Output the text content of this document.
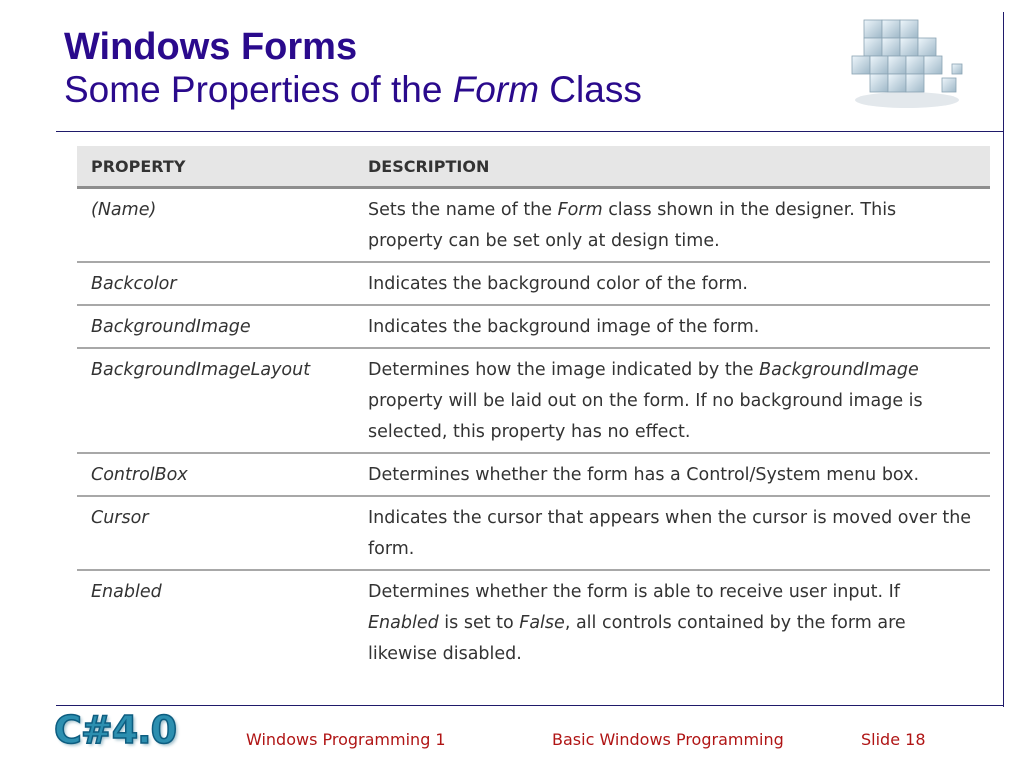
Windows Forms
Some Properties of the Form Class
PROPERTY	DESCRIPTION
(Name)	Sets the name of the Form class shown in the designer. This property can be set only at design time.
Backcolor	Indicates the background color of the form.
BackgroundImage	Indicates the background image of the form.
BackgroundImageLayout	Determines how the image indicated by the BackgroundImage property will be laid out on the form. If no background image is selected, this property has no effect.
ControlBox	Determines whether the form has a Control/System menu box.
Cursor	Indicates the cursor that appears when the cursor is moved over the form.
Enabled	Determines whether the form is able to receive user input. If Enabled is set to False, all controls contained by the form are likewise disabled.
C#4.0	Windows Programming 1	Basic Windows Programming	Slide 18
